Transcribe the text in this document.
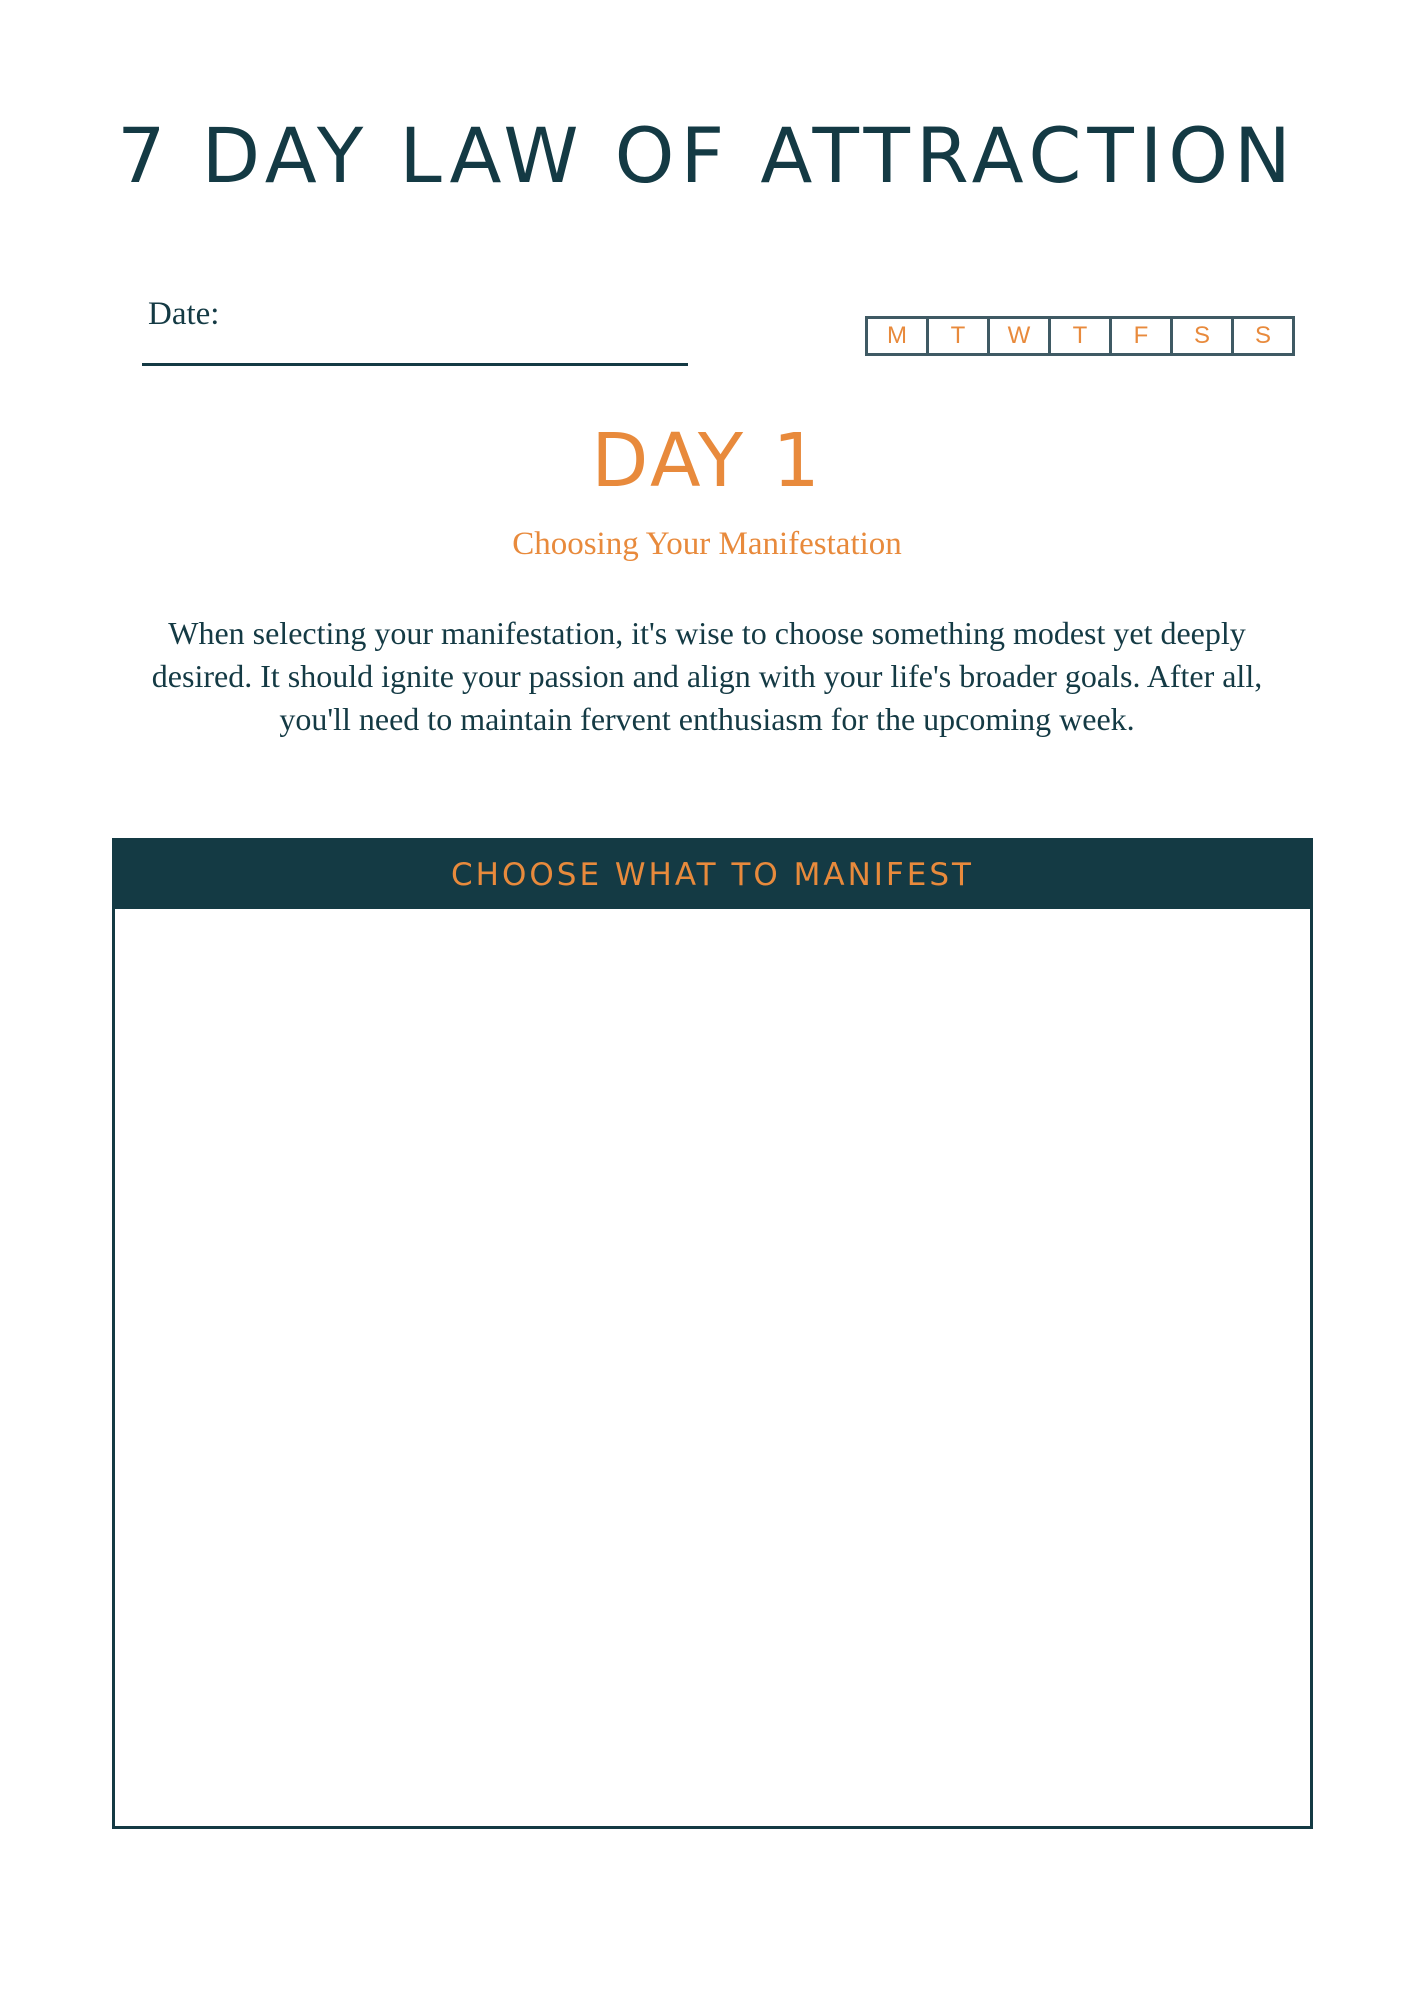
7 DAY LAW OF ATTRACTION
Date:
M	T	W	T	F	S	S
DAY 1
Choosing Your Manifestation

When selecting your manifestation, it's wise to choose something modest yet deeply desired. It should ignite your passion and align with your life's broader goals. After all, you'll need to maintain fervent enthusiasm for the upcoming week.

CHOOSE WHAT TO MANIFEST
